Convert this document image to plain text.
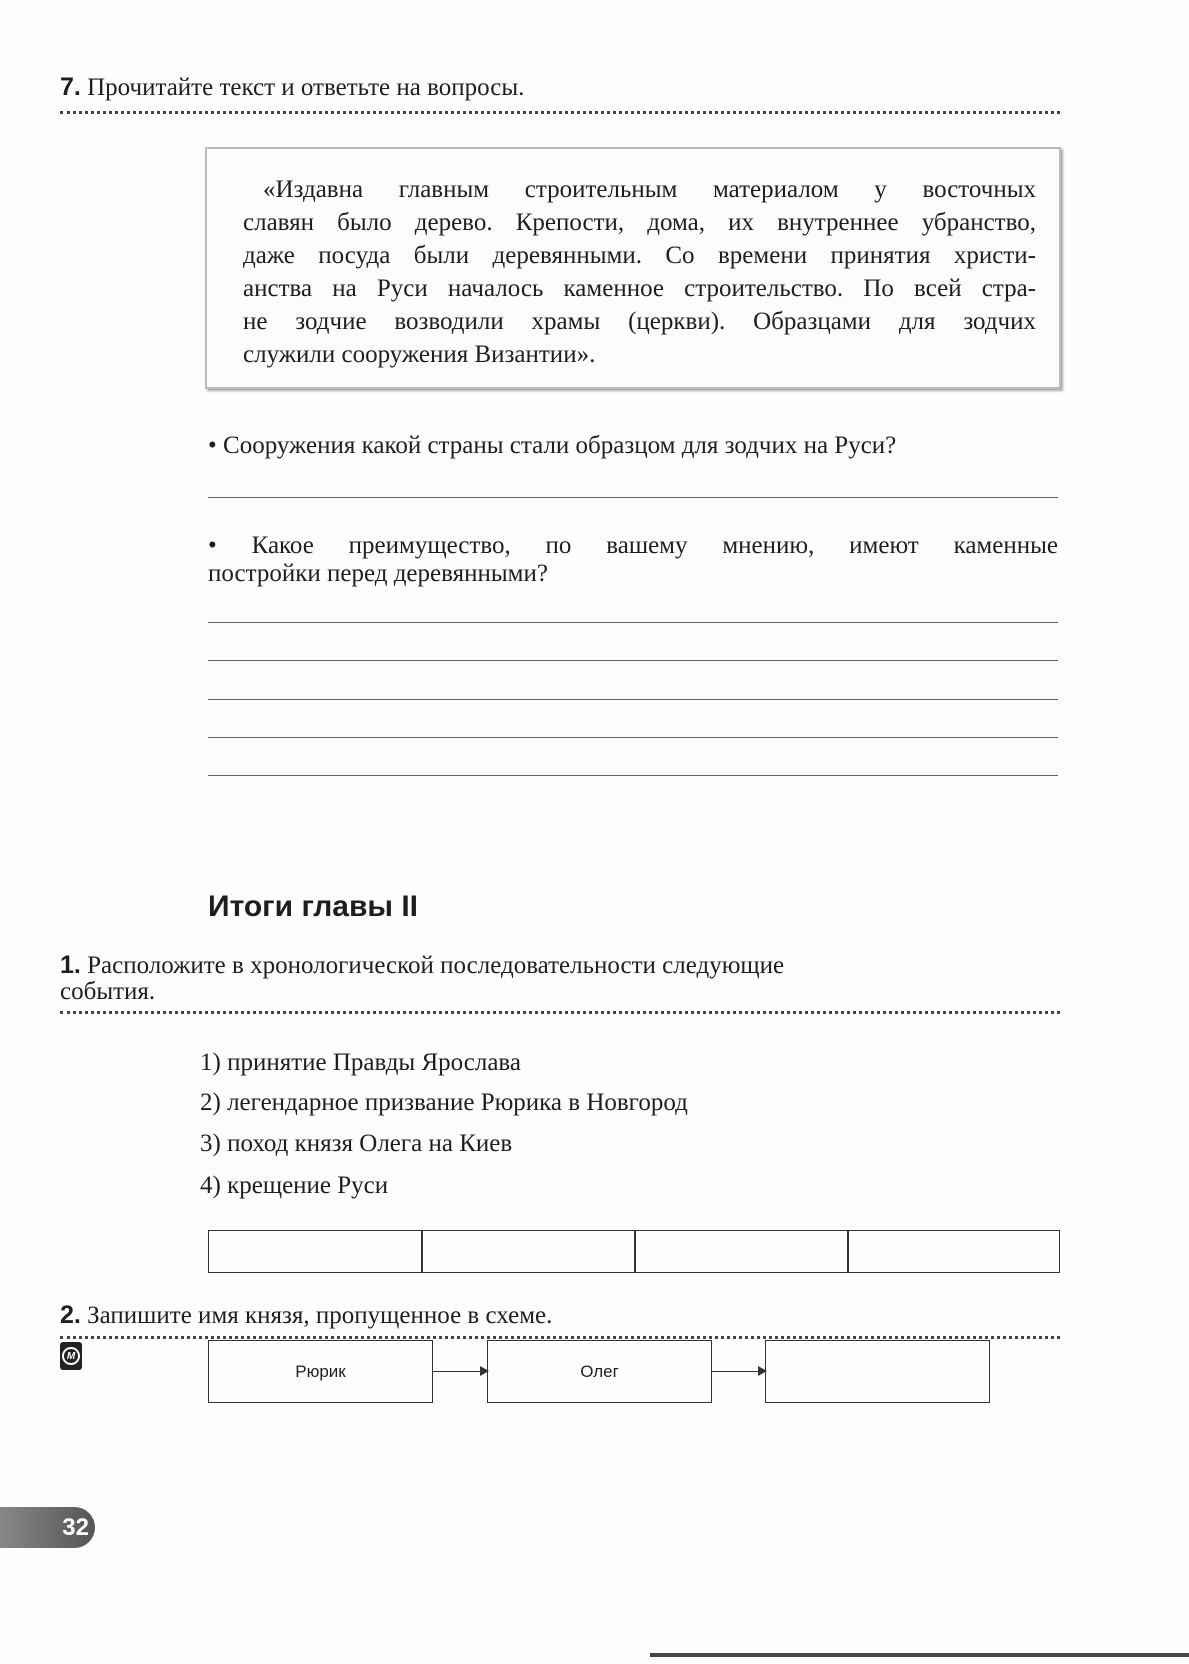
7. Прочитайте текст и ответьте на вопросы.
«Издавна главным строительным материалом у восточных
славян было дерево. Крепости, дома, их внутреннее убранство,
даже посуда были деревянными. Со времени принятия христи-
анства на Руси началось каменное строительство. По всей стра-
не зодчие возводили храмы (церкви). Образцами для зодчих
служили сооружения Византии».
• Сооружения какой страны стали образцом для зодчих на Руси?
• Какое преимущество, по вашему мнению, имеют каменные
постройки перед деревянными?
Итоги главы II
1. Расположите в хронологической последовательности следующие
события.
1) принятие Правды Ярослава
2) легендарное призвание Рюрика в Новгород
3) поход князя Олега на Киев
4) крещение Руси
2. Запишите имя князя, пропущенное в схеме.
M
Рюрик	Олег
32
